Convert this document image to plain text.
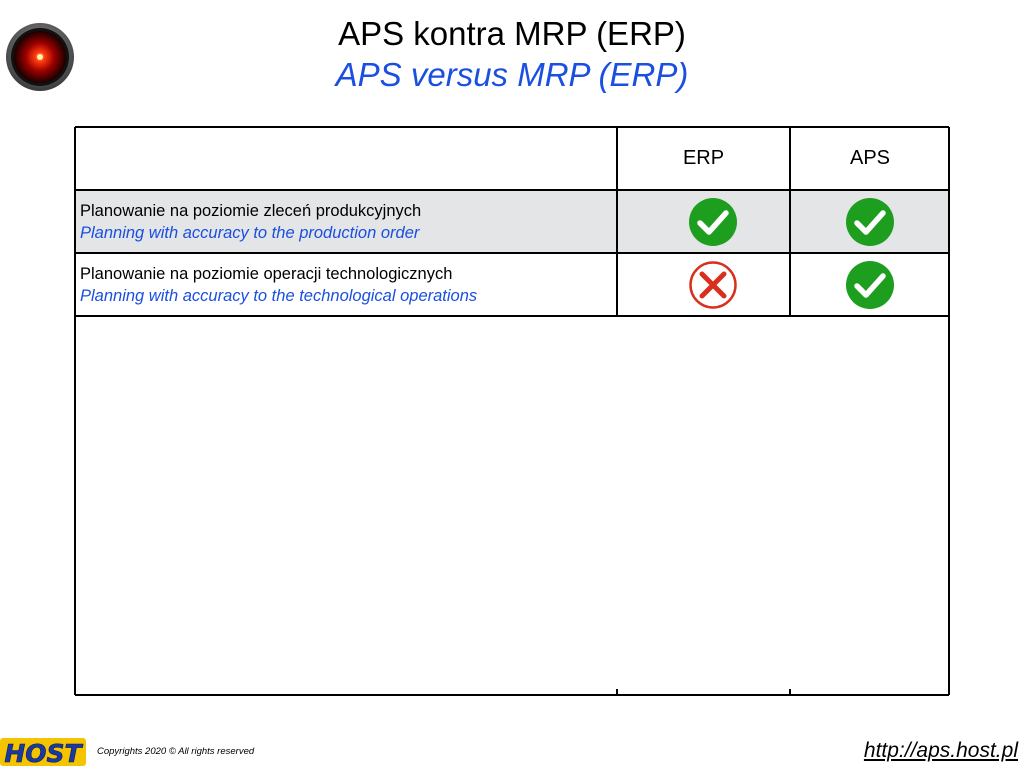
APS kontra MRP (ERP)
APS versus MRP (ERP)
ERP	APS
Planowanie na poziomie zleceń produkcyjnych
Planning with accuracy to the production order
Planowanie na poziomie operacji technologicznych
Planning with accuracy to the technological operations
HOST Copyrights 2020 © All rights reserved	http://aps.host.pl
